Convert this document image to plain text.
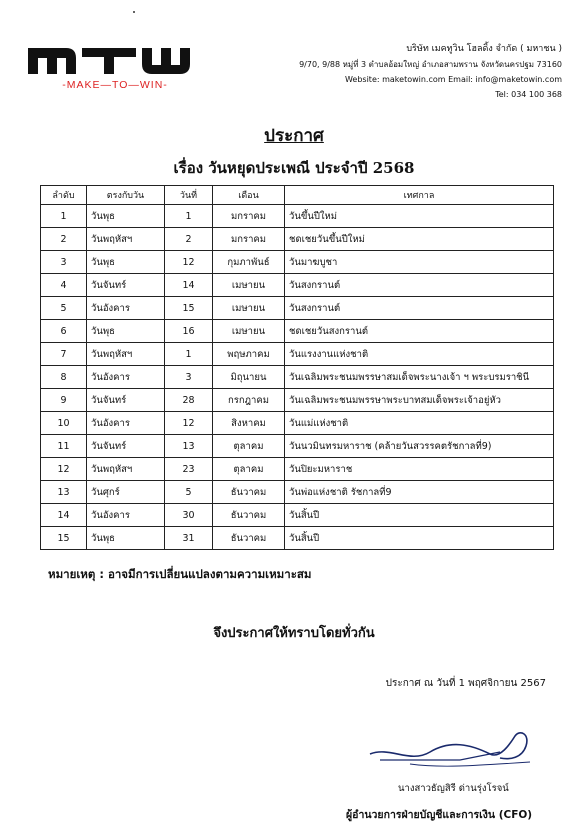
-MAKE—TO—WIN-
บริษัท เมคทูวิน โฮลดิ้ง จำกัด ( มหาชน )
9/70, 9/88 หมู่ที่ 3 ตำบลอ้อมใหญ่ อำเภอสามพราน จังหวัดนครปฐม 73160
Website: maketowin.com Email: info@maketowin.com
Tel: 034 100 368
ประกาศ
เรื่อง วันหยุดประเพณี ประจำปี 2568
ลำดับ	ตรงกับวัน	วันที่	เดือน	เทศกาล
1	วันพุธ	1	มกราคม	วันขึ้นปีใหม่
2	วันพฤหัสฯ	2	มกราคม	ชดเชยวันขึ้นปีใหม่
3	วันพุธ	12	กุมภาพันธ์	วันมาฆบูชา
4	วันจันทร์	14	เมษายน	วันสงกรานต์
5	วันอังคาร	15	เมษายน	วันสงกรานต์
6	วันพุธ	16	เมษายน	ชดเชยวันสงกรานต์
7	วันพฤหัสฯ	1	พฤษภาคม	วันแรงงานแห่งชาติ
8	วันอังคาร	3	มิถุนายน	วันเฉลิมพระชนมพรรษาสมเด็จพระนางเจ้า ฯ พระบรมราชินี
9	วันจันทร์	28	กรกฎาคม	วันเฉลิมพระชนมพรรษาพระบาทสมเด็จพระเจ้าอยู่หัว
10	วันอังคาร	12	สิงหาคม	วันแม่แห่งชาติ
11	วันจันทร์	13	ตุลาคม	วันนวมินทรมหาราช (คล้ายวันสวรรคตรัชกาลที่9)
12	วันพฤหัสฯ	23	ตุลาคม	วันปิยะมหาราช
13	วันศุกร์	5	ธันวาคม	วันพ่อแห่งชาติ รัชกาลที่9
14	วันอังคาร	30	ธันวาคม	วันสิ้นปี
15	วันพุธ	31	ธันวาคม	วันสิ้นปี
หมายเหตุ : อาจมีการเปลี่ยนแปลงตามความเหมาะสม
จึงประกาศให้ทราบโดยทั่วกัน
ประกาศ ณ วันที่ 1 พฤศจิกายน 2567
นางสาวธัญสิรี ด่านรุ่งโรจน์
ผู้อำนวยการฝ่ายบัญชีและการเงิน (CFO)
